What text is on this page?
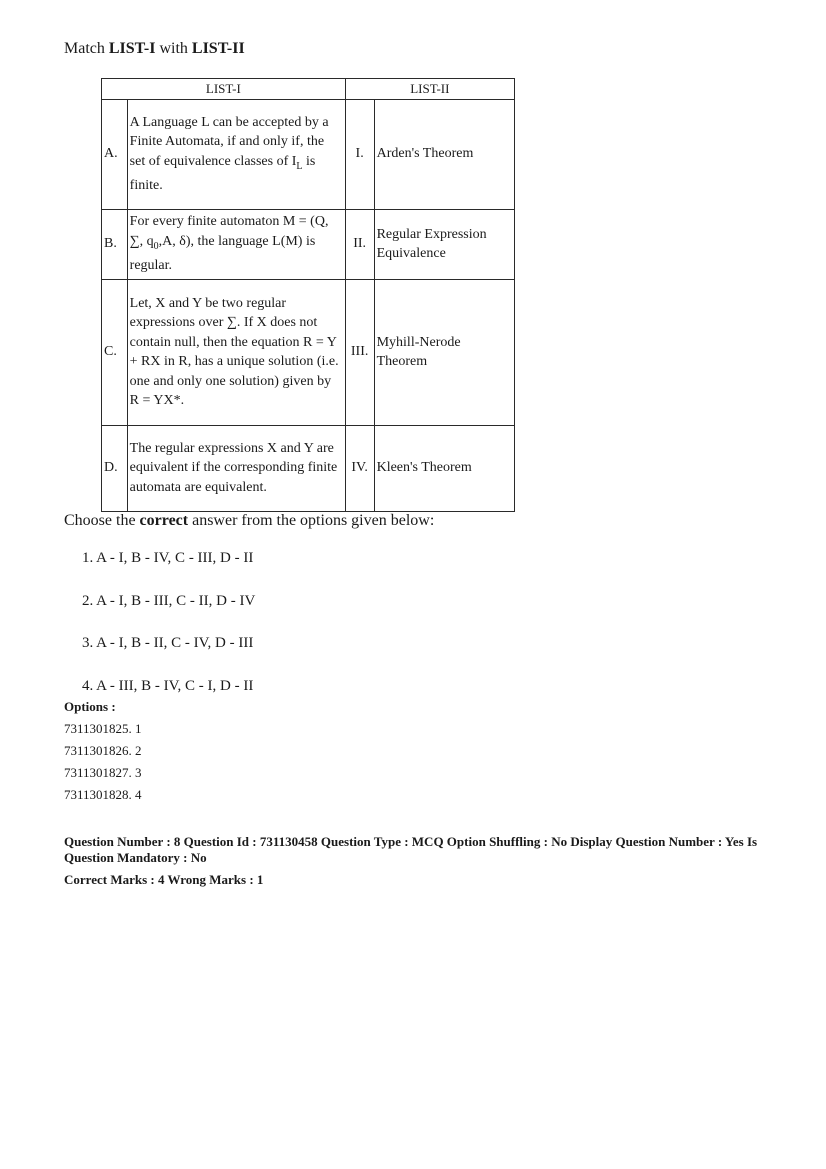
Match LIST-I with LIST-II
LIST-I		LIST-II	
A.	A Language L can be accepted by a Finite Automata, if and only if, the set of equivalence classes of $I_L$ is finite.	I.	Arden's Theorem
B.	For every finite automaton M = (Q, ∑, $q_0,A$, δ), the language L(M) is regular.	II.	Regular Expression Equivalence
C.	Let, X and Y be two regular expressions over ∑. If X does not contain null, then the equation R = Y + RX in R, has a unique solution (i.e. one and only one solution) given by R = YX*.	III.	Myhill-Nerode Theorem
D.	The regular expressions X and Y are equivalent if the corresponding finite automata are equivalent.	IV.	Kleen's Theorem
Choose the correct answer from the options given below:
1. A - I, B - IV, C - III, D - II
2. A - I, B - III, C - II, D - IV
3. A - I, B - II, C - IV, D - III
4. A - III, B - IV, C - I, D - II
Options :
7311301825. 1
7311301826. 2
7311301827. 3
7311301828. 4
Question Number : 8 Question Id : 731130458 Question Type : MCQ Option Shuffling : No Display Question Number : Yes Is Question Mandatory : No
Correct Marks : 4 Wrong Marks : 1
